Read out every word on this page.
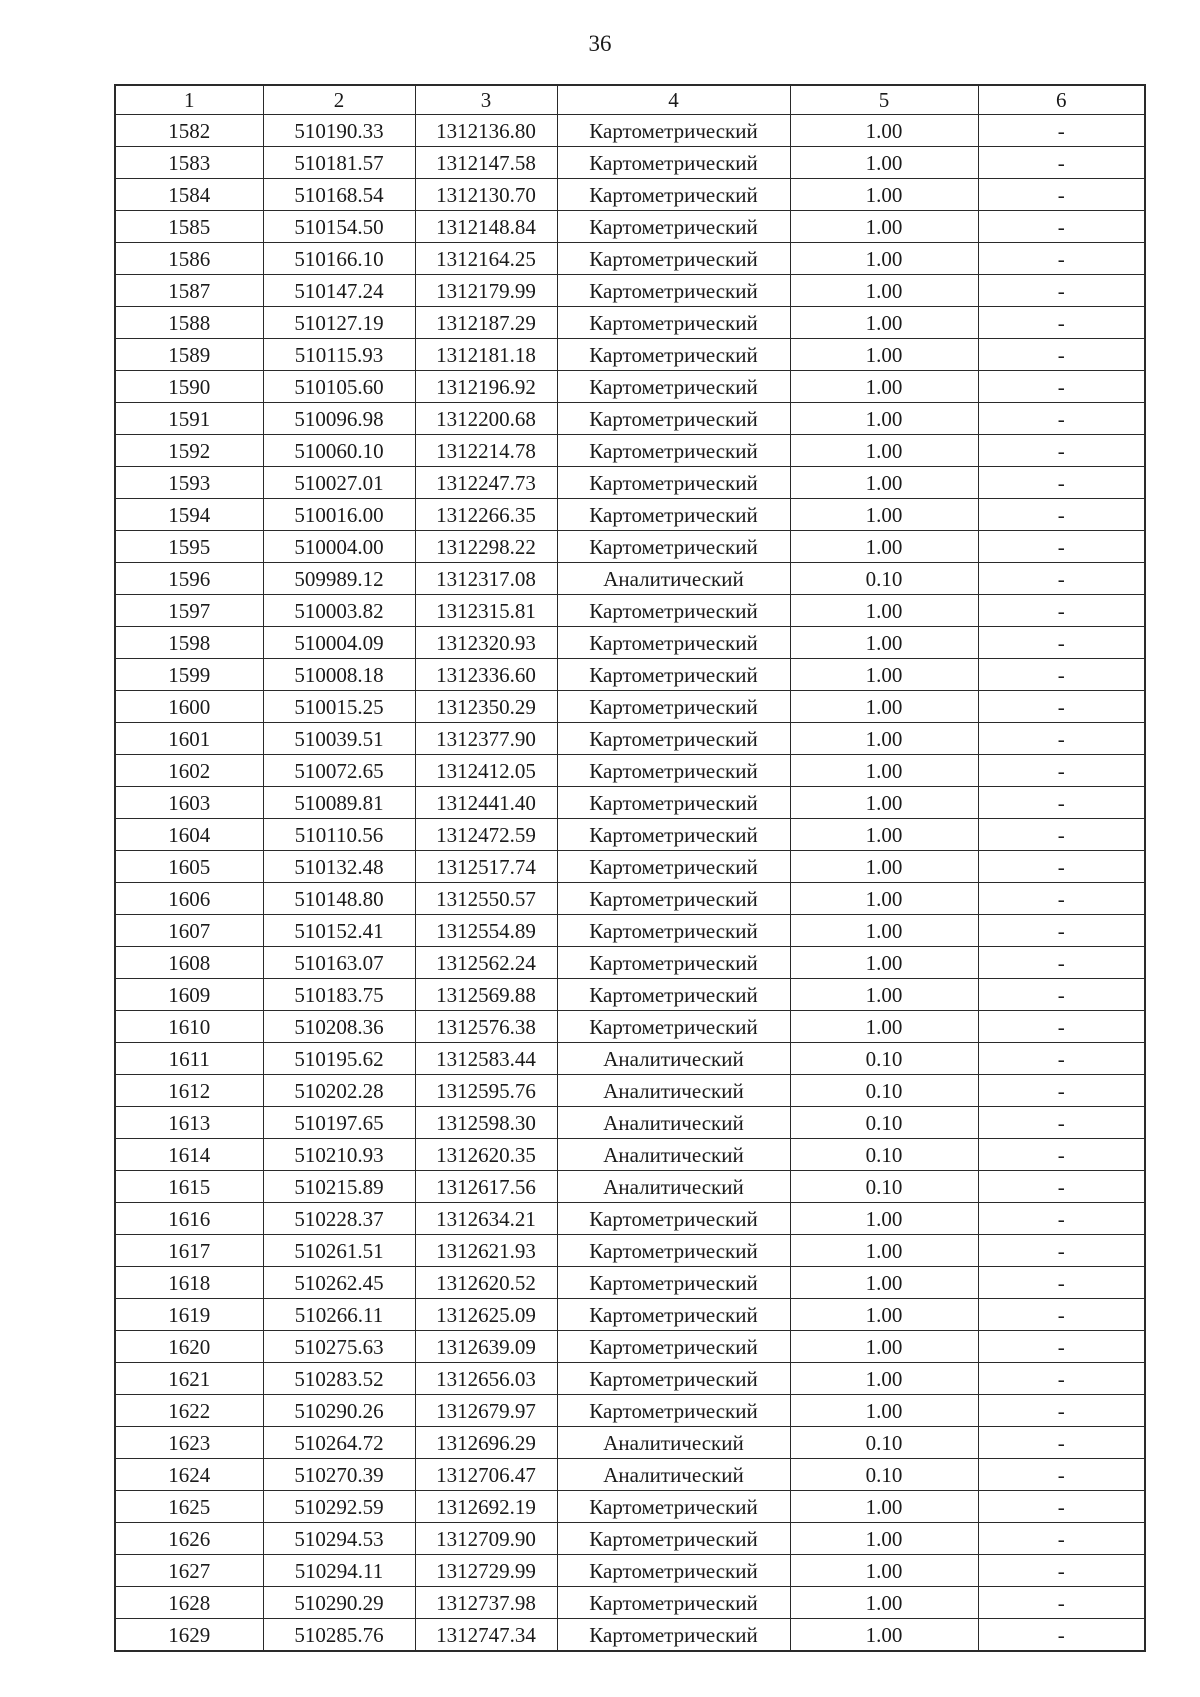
36
1	2	3	4	5	6
1582	510190.33	1312136.80	Картометрический	1.00	-
1583	510181.57	1312147.58	Картометрический	1.00	-
1584	510168.54	1312130.70	Картометрический	1.00	-
1585	510154.50	1312148.84	Картометрический	1.00	-
1586	510166.10	1312164.25	Картометрический	1.00	-
1587	510147.24	1312179.99	Картометрический	1.00	-
1588	510127.19	1312187.29	Картометрический	1.00	-
1589	510115.93	1312181.18	Картометрический	1.00	-
1590	510105.60	1312196.92	Картометрический	1.00	-
1591	510096.98	1312200.68	Картометрический	1.00	-
1592	510060.10	1312214.78	Картометрический	1.00	-
1593	510027.01	1312247.73	Картометрический	1.00	-
1594	510016.00	1312266.35	Картометрический	1.00	-
1595	510004.00	1312298.22	Картометрический	1.00	-
1596	509989.12	1312317.08	Аналитический	0.10	-
1597	510003.82	1312315.81	Картометрический	1.00	-
1598	510004.09	1312320.93	Картометрический	1.00	-
1599	510008.18	1312336.60	Картометрический	1.00	-
1600	510015.25	1312350.29	Картометрический	1.00	-
1601	510039.51	1312377.90	Картометрический	1.00	-
1602	510072.65	1312412.05	Картометрический	1.00	-
1603	510089.81	1312441.40	Картометрический	1.00	-
1604	510110.56	1312472.59	Картометрический	1.00	-
1605	510132.48	1312517.74	Картометрический	1.00	-
1606	510148.80	1312550.57	Картометрический	1.00	-
1607	510152.41	1312554.89	Картометрический	1.00	-
1608	510163.07	1312562.24	Картометрический	1.00	-
1609	510183.75	1312569.88	Картометрический	1.00	-
1610	510208.36	1312576.38	Картометрический	1.00	-
1611	510195.62	1312583.44	Аналитический	0.10	-
1612	510202.28	1312595.76	Аналитический	0.10	-
1613	510197.65	1312598.30	Аналитический	0.10	-
1614	510210.93	1312620.35	Аналитический	0.10	-
1615	510215.89	1312617.56	Аналитический	0.10	-
1616	510228.37	1312634.21	Картометрический	1.00	-
1617	510261.51	1312621.93	Картометрический	1.00	-
1618	510262.45	1312620.52	Картометрический	1.00	-
1619	510266.11	1312625.09	Картометрический	1.00	-
1620	510275.63	1312639.09	Картометрический	1.00	-
1621	510283.52	1312656.03	Картометрический	1.00	-
1622	510290.26	1312679.97	Картометрический	1.00	-
1623	510264.72	1312696.29	Аналитический	0.10	-
1624	510270.39	1312706.47	Аналитический	0.10	-
1625	510292.59	1312692.19	Картометрический	1.00	-
1626	510294.53	1312709.90	Картометрический	1.00	-
1627	510294.11	1312729.99	Картометрический	1.00	-
1628	510290.29	1312737.98	Картометрический	1.00	-
1629	510285.76	1312747.34	Картометрический	1.00	-
